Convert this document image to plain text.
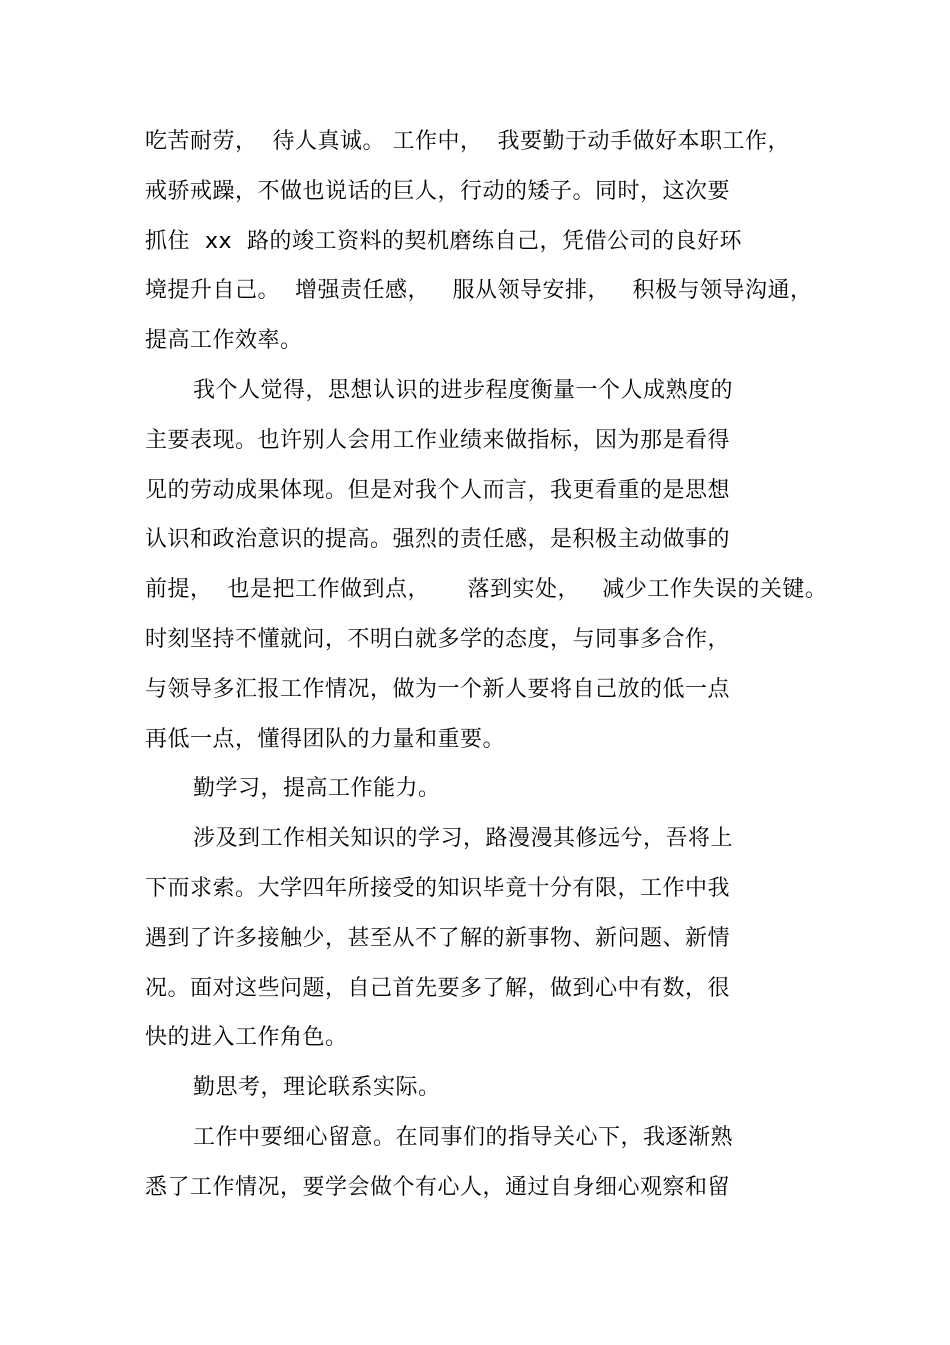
吃苦耐劳，  待人真诚。 工作中，  我要勤于动手做好本职工作，
戒骄戒躁，不做也说话的巨人，行动的矮子。同时，这次要
抓住  xx  路的竣工资料的契机磨练自己，凭借公司的良好环
境提升自己。  增强责任感，   服从领导安排，   积极与领导沟通，
提高工作效率。
我个人觉得，思想认识的进步程度衡量一个人成熟度的
主要表现。也许别人会用工作业绩来做指标，因为那是看得
见的劳动成果体现。但是对我个人而言，我更看重的是思想
认识和政治意识的提高。强烈的责任感，是积极主动做事的
前提，  也是把工作做到点，     落到实处，   减少工作失误的关键。
时刻坚持不懂就问，不明白就多学的态度，与同事多合作，
与领导多汇报工作情况，做为一个新人要将自己放的低一点
再低一点，懂得团队的力量和重要。
勤学习，提高工作能力。
涉及到工作相关知识的学习，路漫漫其修远兮，吾将上
下而求索。大学四年所接受的知识毕竟十分有限，工作中我
遇到了许多接触少，甚至从不了解的新事物、新问题、新情
况。面对这些问题，自己首先要多了解，做到心中有数，很
快的进入工作角色。
勤思考，理论联系实际。
工作中要细心留意。在同事们的指导关心下，我逐渐熟
悉了工作情况，要学会做个有心人，通过自身细心观察和留
